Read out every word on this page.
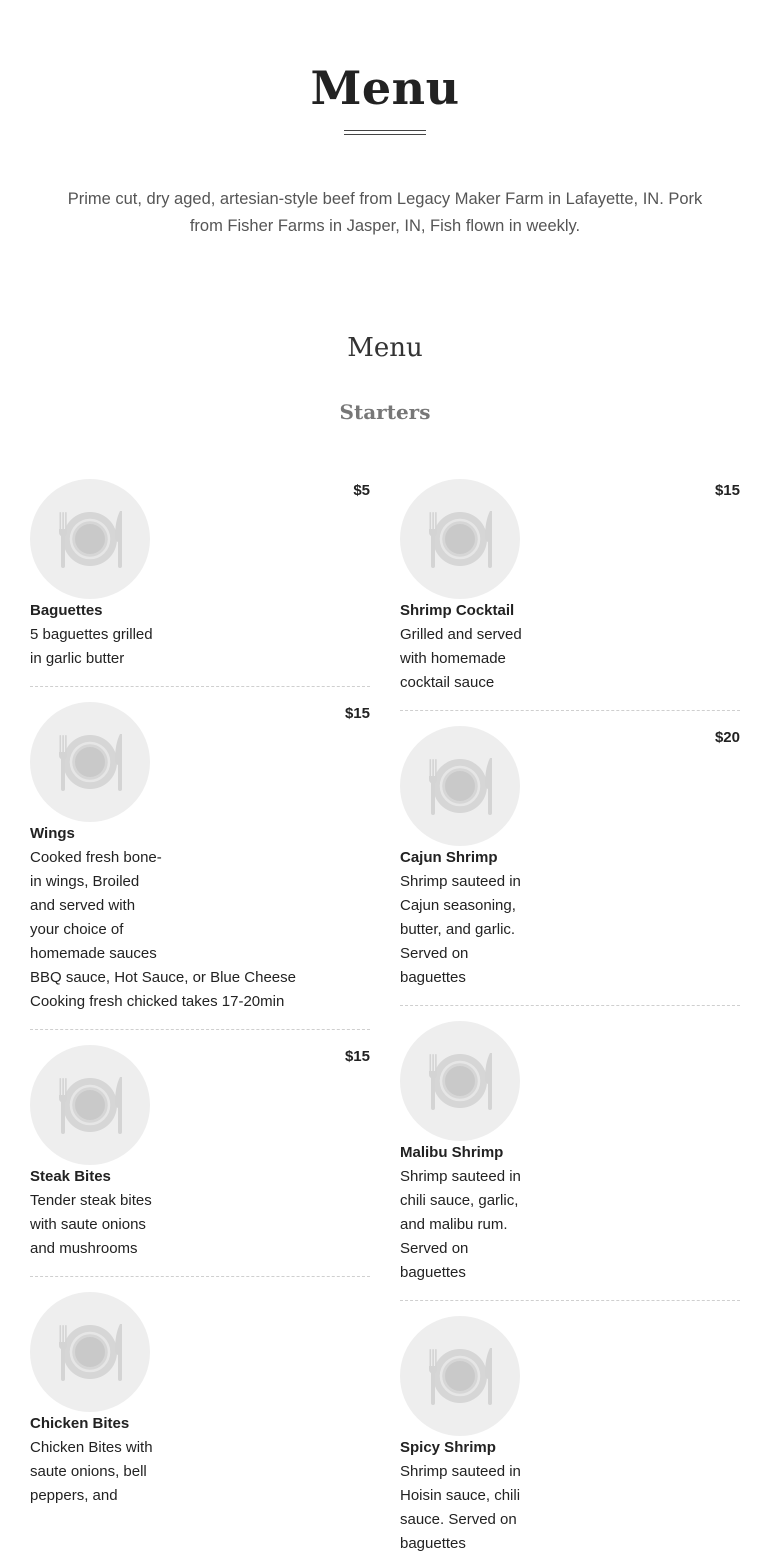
Menu
Prime cut, dry aged, artesian-style beef from Legacy Maker Farm in Lafayette, IN. Pork
from Fisher Farms in Jasper, IN, Fish flown in weekly.
Menu
Starters
Baguettes
$5
5 baguettes grilled
in garlic butter
Wings
$15
Cooked fresh bone-
in wings, Broiled
and served with
your choice of
homemade sauces
BBQ sauce, Hot Sauce, or Blue Cheese
Cooking fresh chicked takes 17-20min
Steak Bites
$15
Tender steak bites
with saute onions
and mushrooms
Chicken Bites
Chicken Bites with
saute onions, bell
peppers, and
Shrimp Cocktail
$15
Grilled and served
with homemade
cocktail sauce
Cajun Shrimp
$20
Shrimp sauteed in
Cajun seasoning,
butter, and garlic.
Served on
baguettes
Malibu Shrimp
Shrimp sauteed in
chili sauce, garlic,
and malibu rum.
Served on
baguettes
Spicy Shrimp
Shrimp sauteed in
Hoisin sauce, chili
sauce. Served on
baguettes
